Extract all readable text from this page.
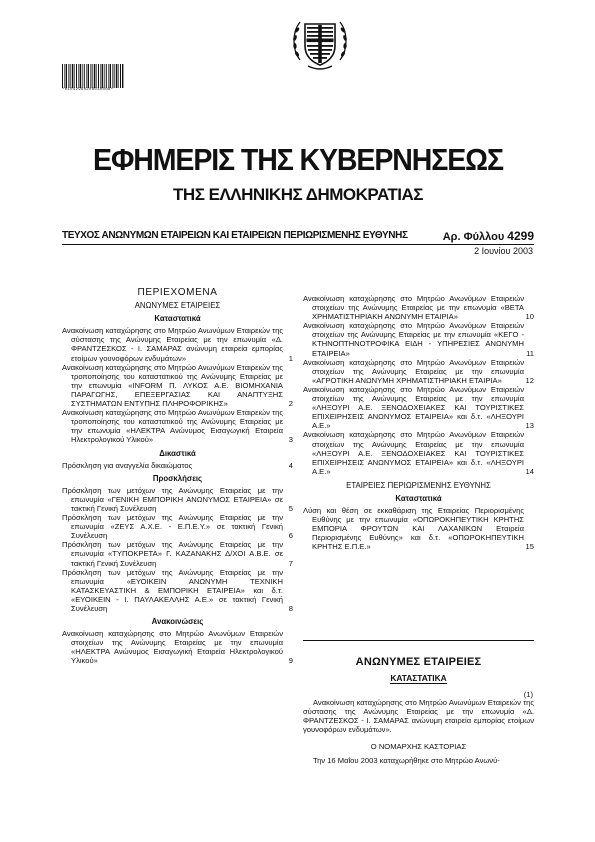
*01042990206030008*
ΕΦΗΜΕΡΙΣ ΤΗΣ ΚΥΒΕΡΝΗΣΕΩΣ
ΤΗΣ ΕΛΛΗΝΙΚΗΣ ΔΗΜΟΚΡΑΤΙΑΣ
ΤΕΥΧΟΣ ΑΝΩΝΥΜΩΝ ΕΤΑΙΡΕΙΩΝ ΚΑΙ ΕΤΑΙΡΕΙΩΝ ΠΕΡΙΩΡΙΣΜΕΝΗΣ ΕΥΘΥΝΗΣ	Αρ. Φύλλου 4299
2 Ιουνίου 2003
ΠΕΡΙΕΧΟΜΕΝΑ
ΑΝΩΝΥΜΕΣ ΕΤΑΙΡΕΙΕΣ
Καταστατικά
Ανακοίνωση καταχώρησης στο Μητρώο Ανωνύμων Εταιρειών της σύστασης της Ανώνυμης Εταιρείας με την επωνυμία «Δ. ΦΡΑΝΤΖΕΣΚΟΣ - Ι. ΣΑΜΑΡΑΣ ανώνυμη εταιρεία εμπορίας ετοίμων γουνοφόρων ενδυμάτων»	1
Ανακοίνωση καταχώρησης στο Μητρώο Ανωνύμων Εταιρειών της τροποποίησης του καταστατικού της Ανώνυμης Εταιρείας με την επωνυμία «INFORM Π. ΛΥΚΟΣ Α.Ε. ΒΙΟΜΗΧΑΝΙΑ ΠΑΡΑΓΩΓΗΣ, ΕΠΕΞΕΡΓΑΣΙΑΣ ΚΑΙ ΑΝΑΠΤΥΞΗΣ ΣΥΣΤΗΜΑΤΩΝ ΕΝΤΥΠΗΣ ΠΛΗΡΟΦΟΡΙΚΗΣ»	2
Ανακοίνωση καταχώρησης στο Μητρώο Ανωνύμων Εταιρειών της τροποποίησης του καταστατικού της Ανώνυμης Εταιρείας με την επωνυμία «ΗΛΕΚΤΡΑ Ανώνυμος Εισαγωγική Εταιρεία Ηλεκτρολογικού Υλικού»	3
Δικαστικά
Πρόσκληση για αναγγελία δικαιώματος	4
Προσκλήσεις
Πρόσκληση των μετόχων της Ανώνυμης Εταιρείας με την επωνυμία «ΓΕΝΙΚΗ ΕΜΠΟΡΙΚΗ ΑΝΩΝΥΜΟΣ ΕΤΑΙΡΕΙΑ» σε τακτική Γενική Συνέλευση	5
Πρόσκληση των μετόχων της Ανώνυμης Εταιρείας με την επωνυμία «ΖΕΥΣ Α.Χ.Ε. - Ε.Π.Ε.Υ.» σε τακτική Γενική Συνέλευση	6
Πρόσκληση των μετόχων της Ανώνυμης Εταιρείας με την επωνυμία «ΤΥΠΟΚΡΕΤΑ» Γ. ΚΑΖΑΝΑΚΗΣ Δ/ΧΟΙ Α.Β.Ε. σε τακτική Γενική Συνέλευση	7
Πρόσκληση των μετόχων της Ανώνυμης Εταιρείας με την επωνυμία «ΕΥΟΙΚΕΙΝ ΑΝΩΝΥΜΗ ΤΕΧΝΙΚΗ ΚΑΤΑΣΚΕΥΑΣΤΙΚΗ & ΕΜΠΟΡΙΚΗ ΕΤΑΙΡΕΙΑ» και δ.τ. «ΕΥΟΙΚΕΙΝ - Ι. ΠΑΥΛΑΚΕΛΛΗΣ Α.Ε.» σε τακτική Γενική Συνέλευση	8
Ανακοινώσεις
Ανακοίνωση καταχώρησης στο Μητρώο Ανωνύμων Εταιρειών στοιχείων της Ανώνυμης Εταιρείας με την επωνυμία «ΗΛΕΚΤΡΑ Ανώνυμος Εισαγωγική Εταιρεία Ηλεκτρολογικού Υλικού»	9
Ανακοίνωση καταχώρησης στο Μητρώο Ανωνύμων Εταιρειών στοιχείων της Ανώνυμης Εταιρείας με την επωνυμία «ΒΕΤΑ ΧΡΗΜΑΤΙΣΤΗΡΙΑΚΗ ΑΝΩΝΥΜΗ ΕΤΑΙΡΙΑ»	10
Ανακοίνωση καταχώρησης στο Μητρώο Ανωνύμων Εταιρειών στοιχείων της Ανώνυμης Εταιρείας με την επωνυμία «ΚΕΓΟ - ΚΤΗΝΟΠΤΗΝΟΤΡΟΦΙΚΑ ΕΙΔΗ - ΥΠΗΡΕΣΙΕΣ ΑΝΩΝΥΜΗ ΕΤΑΙΡΕΙΑ»	11
Ανακοίνωση καταχώρησης στο Μητρώο Ανωνύμων Εταιρειών στοιχείων της Ανώνυμης Εταιρείας με την επωνυμία «ΑΓΡΟΤΙΚΗ ΑΝΩΝΥΜΗ ΧΡΗΜΑΤΙΣΤΗΡΙΑΚΗ ΕΤΑΙΡΙΑ»	12
Ανακοίνωση καταχώρησης στο Μητρώο Ανωνύμων Εταιρειών στοιχείων της Ανώνυμης Εταιρείας με την επωνυμία «ΛΗΞΟΥΡΙ Α.Ε. ΞΕΝΟΔΟΧΕΙΑΚΕΣ ΚΑΙ ΤΟΥΡΙΣΤΙΚΕΣ ΕΠΙΧΕΙΡΗΣΕΙΣ ΑΝΩΝΥΜΟΣ ΕΤΑΙΡΕΙΑ» και δ.τ. «ΛΗΞΟΥΡΙ Α.Ε.»	13
Ανακοίνωση καταχώρησης στο Μητρώο Ανωνύμων Εταιρειών στοιχείων της Ανώνυμης Εταιρείας με την επωνυμία «ΛΗΞΟΥΡΙ Α.Ε. ΞΕΝΟΔΟΧΕΙΑΚΕΣ ΚΑΙ ΤΟΥΡΙΣΤΙΚΕΣ ΕΠΙΧΕΙΡΗΣΕΙΣ ΑΝΩΝΥΜΟΣ ΕΤΑΙΡΕΙΑ» και δ.τ. «ΛΗΞΟΥΡΙ Α.Ε.»	14
ΕΤΑΙΡΕΙΕΣ ΠΕΡΙΩΡΙΣΜΕΝΗΣ ΕΥΘΥΝΗΣ
Καταστατικά
Λύση και θέση σε εκκαθάριση της Εταιρείας Περιορισμένης Ευθύνης με την επωνυμία «ΟΠΩΡΟΚΗΠΕΥΤΙΚΗ ΚΡΗΤΗΣ ΕΜΠΟΡΙΑ ΦΡΟΥΤΩΝ ΚΑΙ ΛΑΧΑΝΙΚΩΝ Εταιρεία Περιορισμένης Ευθύνης» και δ.τ. «ΟΠΩΡΟΚΗΠΕΥΤΙΚΗ ΚΡΗΤΗΣ Ε.Π.Ε.»	15
ΑΝΩΝΥΜΕΣ ΕΤΑΙΡΕΙΕΣ
ΚΑΤΑΣΤΑΤΙΚΑ
(1)
Ανακοίνωση καταχώρησης στο Μητρώο Ανωνύμων Εταιρειών της σύστασης της Ανώνυμης Εταιρείας με την επωνυμία «Δ. ΦΡΑΝΤΖΕΣΚΟΣ - Ι. ΣΑΜΑΡΑΣ ανώνυμη εταιρεία εμπορίας ετοίμων γουνοφόρων ενδυμάτων».
Ο ΝΟΜΑΡΧΗΣ ΚΑΣΤΟΡΙΑΣ
Την 16 Μαΐου 2003 καταχωρήθηκε στο Μητρώο Ανωνύ-
